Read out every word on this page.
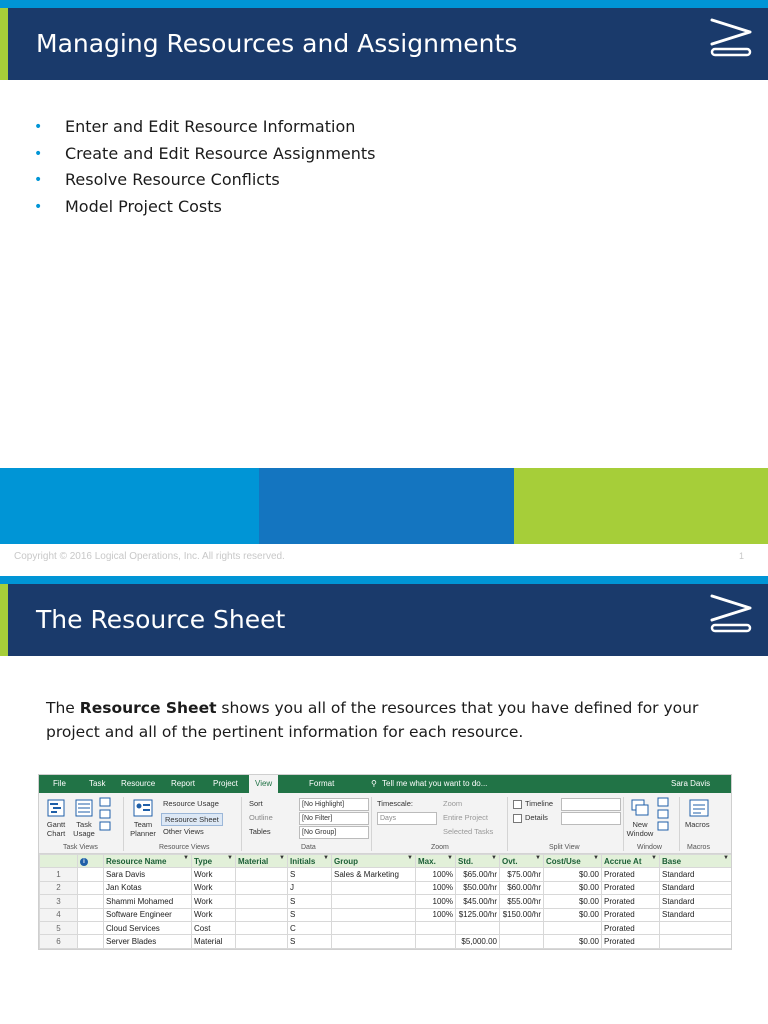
Managing Resources and Assignments
• Enter and Edit Resource Information
• Create and Edit Resource Assignments
• Resolve Resource Conflicts
• Model Project Costs
Copyright © 2016 Logical Operations, Inc. All rights reserved.	1
The Resource Sheet
The Resource Sheet shows you all of the resources that you have defined for your project and all of the pertinent information for each resource.
File	Task Resource Report Project	View	Format	⚲ Tell me what you want to do...	Sara Davis
Gantt Chart
Task Usage
Team Planner
Resource Usage
Resource Sheet
Other Views
Sort
Outline
Tables
[No Highlight]
[No Filter]
[No Group]
Timescale:
Days
Zoom
Entire Project
Selected Tasks
Timeline
Details
New Window
Macros
Task Views	Resource Views	Data	Zoom	Split View	Window	Macros
	i	Resource Name ▼	Type ▼	Material ▼	Initials ▼	Group ▼	Max. ▼	Std. ▼	Ovt. ▼	Cost/Use ▼	Accrue At ▼	Base ▼

1		Sara Davis	Work		S	Sales & Marketing	100%	$65.00/hr	$75.00/hr	$0.00	Prorated	Standard
2		Jan Kotas	Work		J		100%	$50.00/hr	$60.00/hr	$0.00	Prorated	Standard
3		Shammi Mohamed	Work		S		100%	$45.00/hr	$55.00/hr	$0.00	Prorated	Standard
4		Software Engineer	Work		S		100%	$125.00/hr	$150.00/hr	$0.00	Prorated	Standard
5		Cloud Services	Cost		C						Prorated	
6		Server Blades	Material		S			$5,000.00		$0.00	Prorated	
